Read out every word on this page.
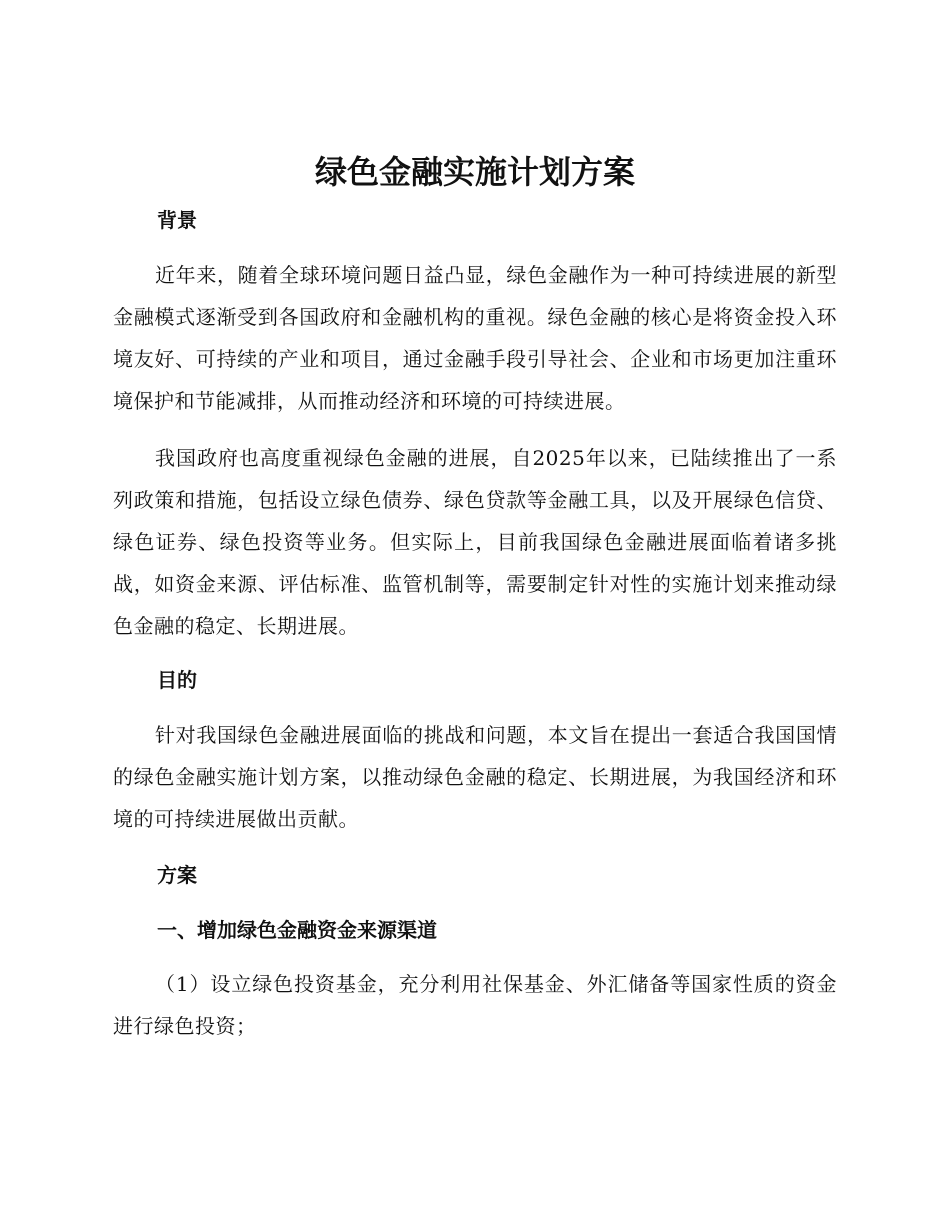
绿色金融实施计划方案
背景

近年来，随着全球环境问题日益凸显，绿色金融作为一种可持续进展的新型金融模式逐渐受到各国政府和金融机构的重视。绿色金融的核心是将资金投入环境友好、可持续的产业和项目，通过金融手段引导社会、企业和市场更加注重环境保护和节能减排，从而推动经济和环境的可持续进展。

我国政府也高度重视绿色金融的进展，自2025年以来，已陆续推出了一系列政策和措施，包括设立绿色债券、绿色贷款等金融工具，以及开展绿色信贷、绿色证券、绿色投资等业务。但实际上，目前我国绿色金融进展面临着诸多挑战，如资金来源、评估标准、监管机制等，需要制定针对性的实施计划来推动绿色金融的稳定、长期进展。

目的

针对我国绿色金融进展面临的挑战和问题，本文旨在提出一套适合我国国情的绿色金融实施计划方案，以推动绿色金融的稳定、长期进展，为我国经济和环境的可持续进展做出贡献。

方案
一、增加绿色金融资金来源渠道

（1）设立绿色投资基金，充分利用社保基金、外汇储备等国家性质的资金进行绿色投资；
